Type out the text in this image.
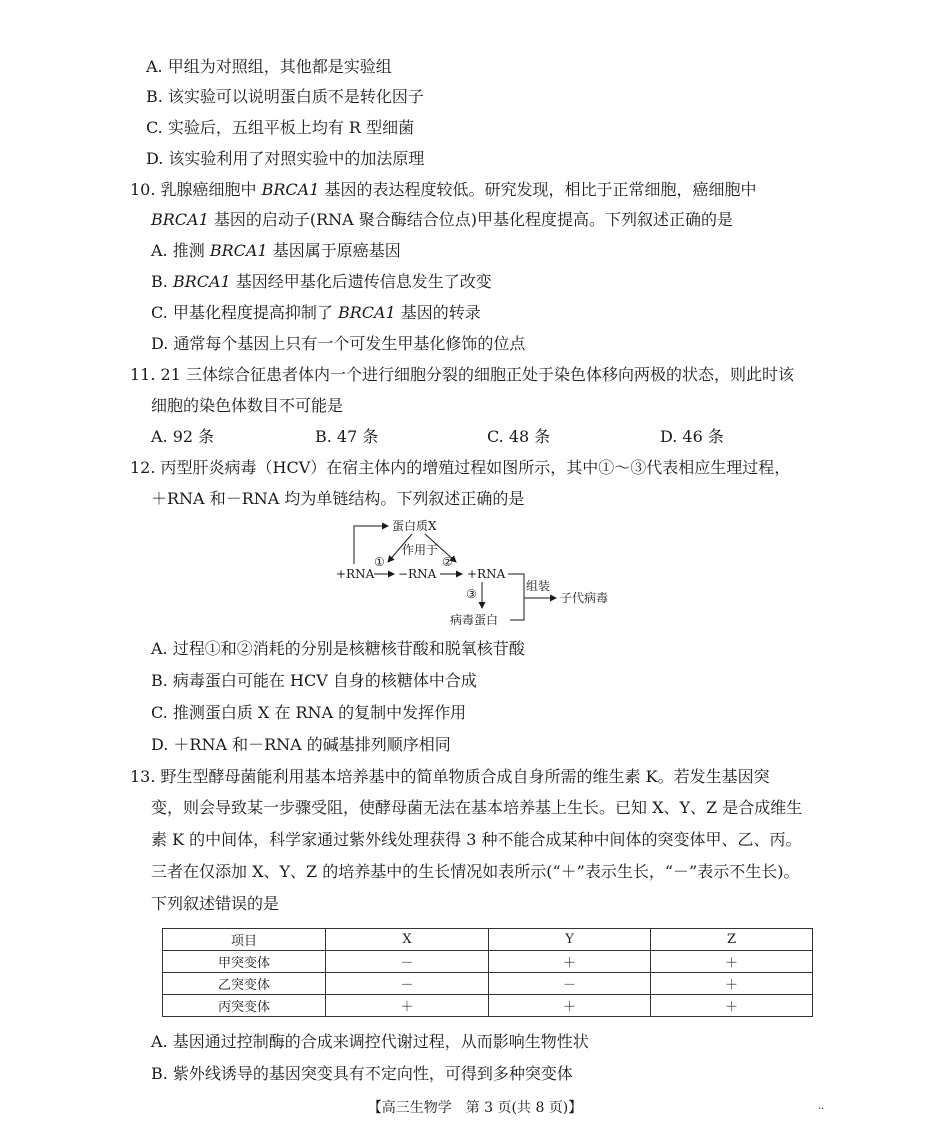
A. 甲组为对照组，其他都是实验组
B. 该实验可以说明蛋白质不是转化因子
C. 实验后，五组平板上均有 R 型细菌
D. 该实验利用了对照实验中的加法原理
10. 乳腺癌细胞中 BRCA1 基因的表达程度较低。研究发现，相比于正常细胞，癌细胞中
BRCA1 基因的启动子(RNA 聚合酶结合位点)甲基化程度提高。下列叙述正确的是
A. 推测 BRCA1 基因属于原癌基因
B. BRCA1 基因经甲基化后遗传信息发生了改变
C. 甲基化程度提高抑制了 BRCA1 基因的转录
D. 通常每个基因上只有一个可发生甲基化修饰的位点
11. 21 三体综合征患者体内一个进行细胞分裂的细胞正处于染色体移向两极的状态，则此时该
细胞的染色体数目不可能是
A. 92 条	B. 47 条	C. 48 条	D. 46 条
12. 丙型肝炎病毒（HCV）在宿主体内的增殖过程如图所示，其中①～③代表相应生理过程，
＋RNA 和－RNA 均为单链结构。下列叙述正确的是
蛋白质X
作用于
①	②
+RNA −RNA	+RNA
③
病毒蛋白
组装
子代病毒
A. 过程①和②消耗的分别是核糖核苷酸和脱氧核苷酸
B. 病毒蛋白可能在 HCV 自身的核糖体中合成
C. 推测蛋白质 X 在 RNA 的复制中发挥作用
D. ＋RNA 和－RNA 的碱基排列顺序相同
13. 野生型酵母菌能利用基本培养基中的简单物质合成自身所需的维生素 K。若发生基因突
变，则会导致某一步骤受阻，使酵母菌无法在基本培养基上生长。已知 X、Y、Z 是合成维生
素 K 的中间体，科学家通过紫外线处理获得 3 种不能合成某种中间体的突变体甲、乙、丙。
三者在仅添加 X、Y、Z 的培养基中的生长情况如表所示(“＋”表示生长，“－”表示不生长)。
下列叙述错误的是
项目	X	Y	Z
甲突变体	－	＋	＋
乙突变体	－	－	＋
丙突变体	＋	＋	＋
A. 基因通过控制酶的合成来调控代谢过程，从而影响生物性状
B. 紫外线诱导的基因突变具有不定向性，可得到多种突变体
【高三生物学　第 3 页(共 8 页)】	··
